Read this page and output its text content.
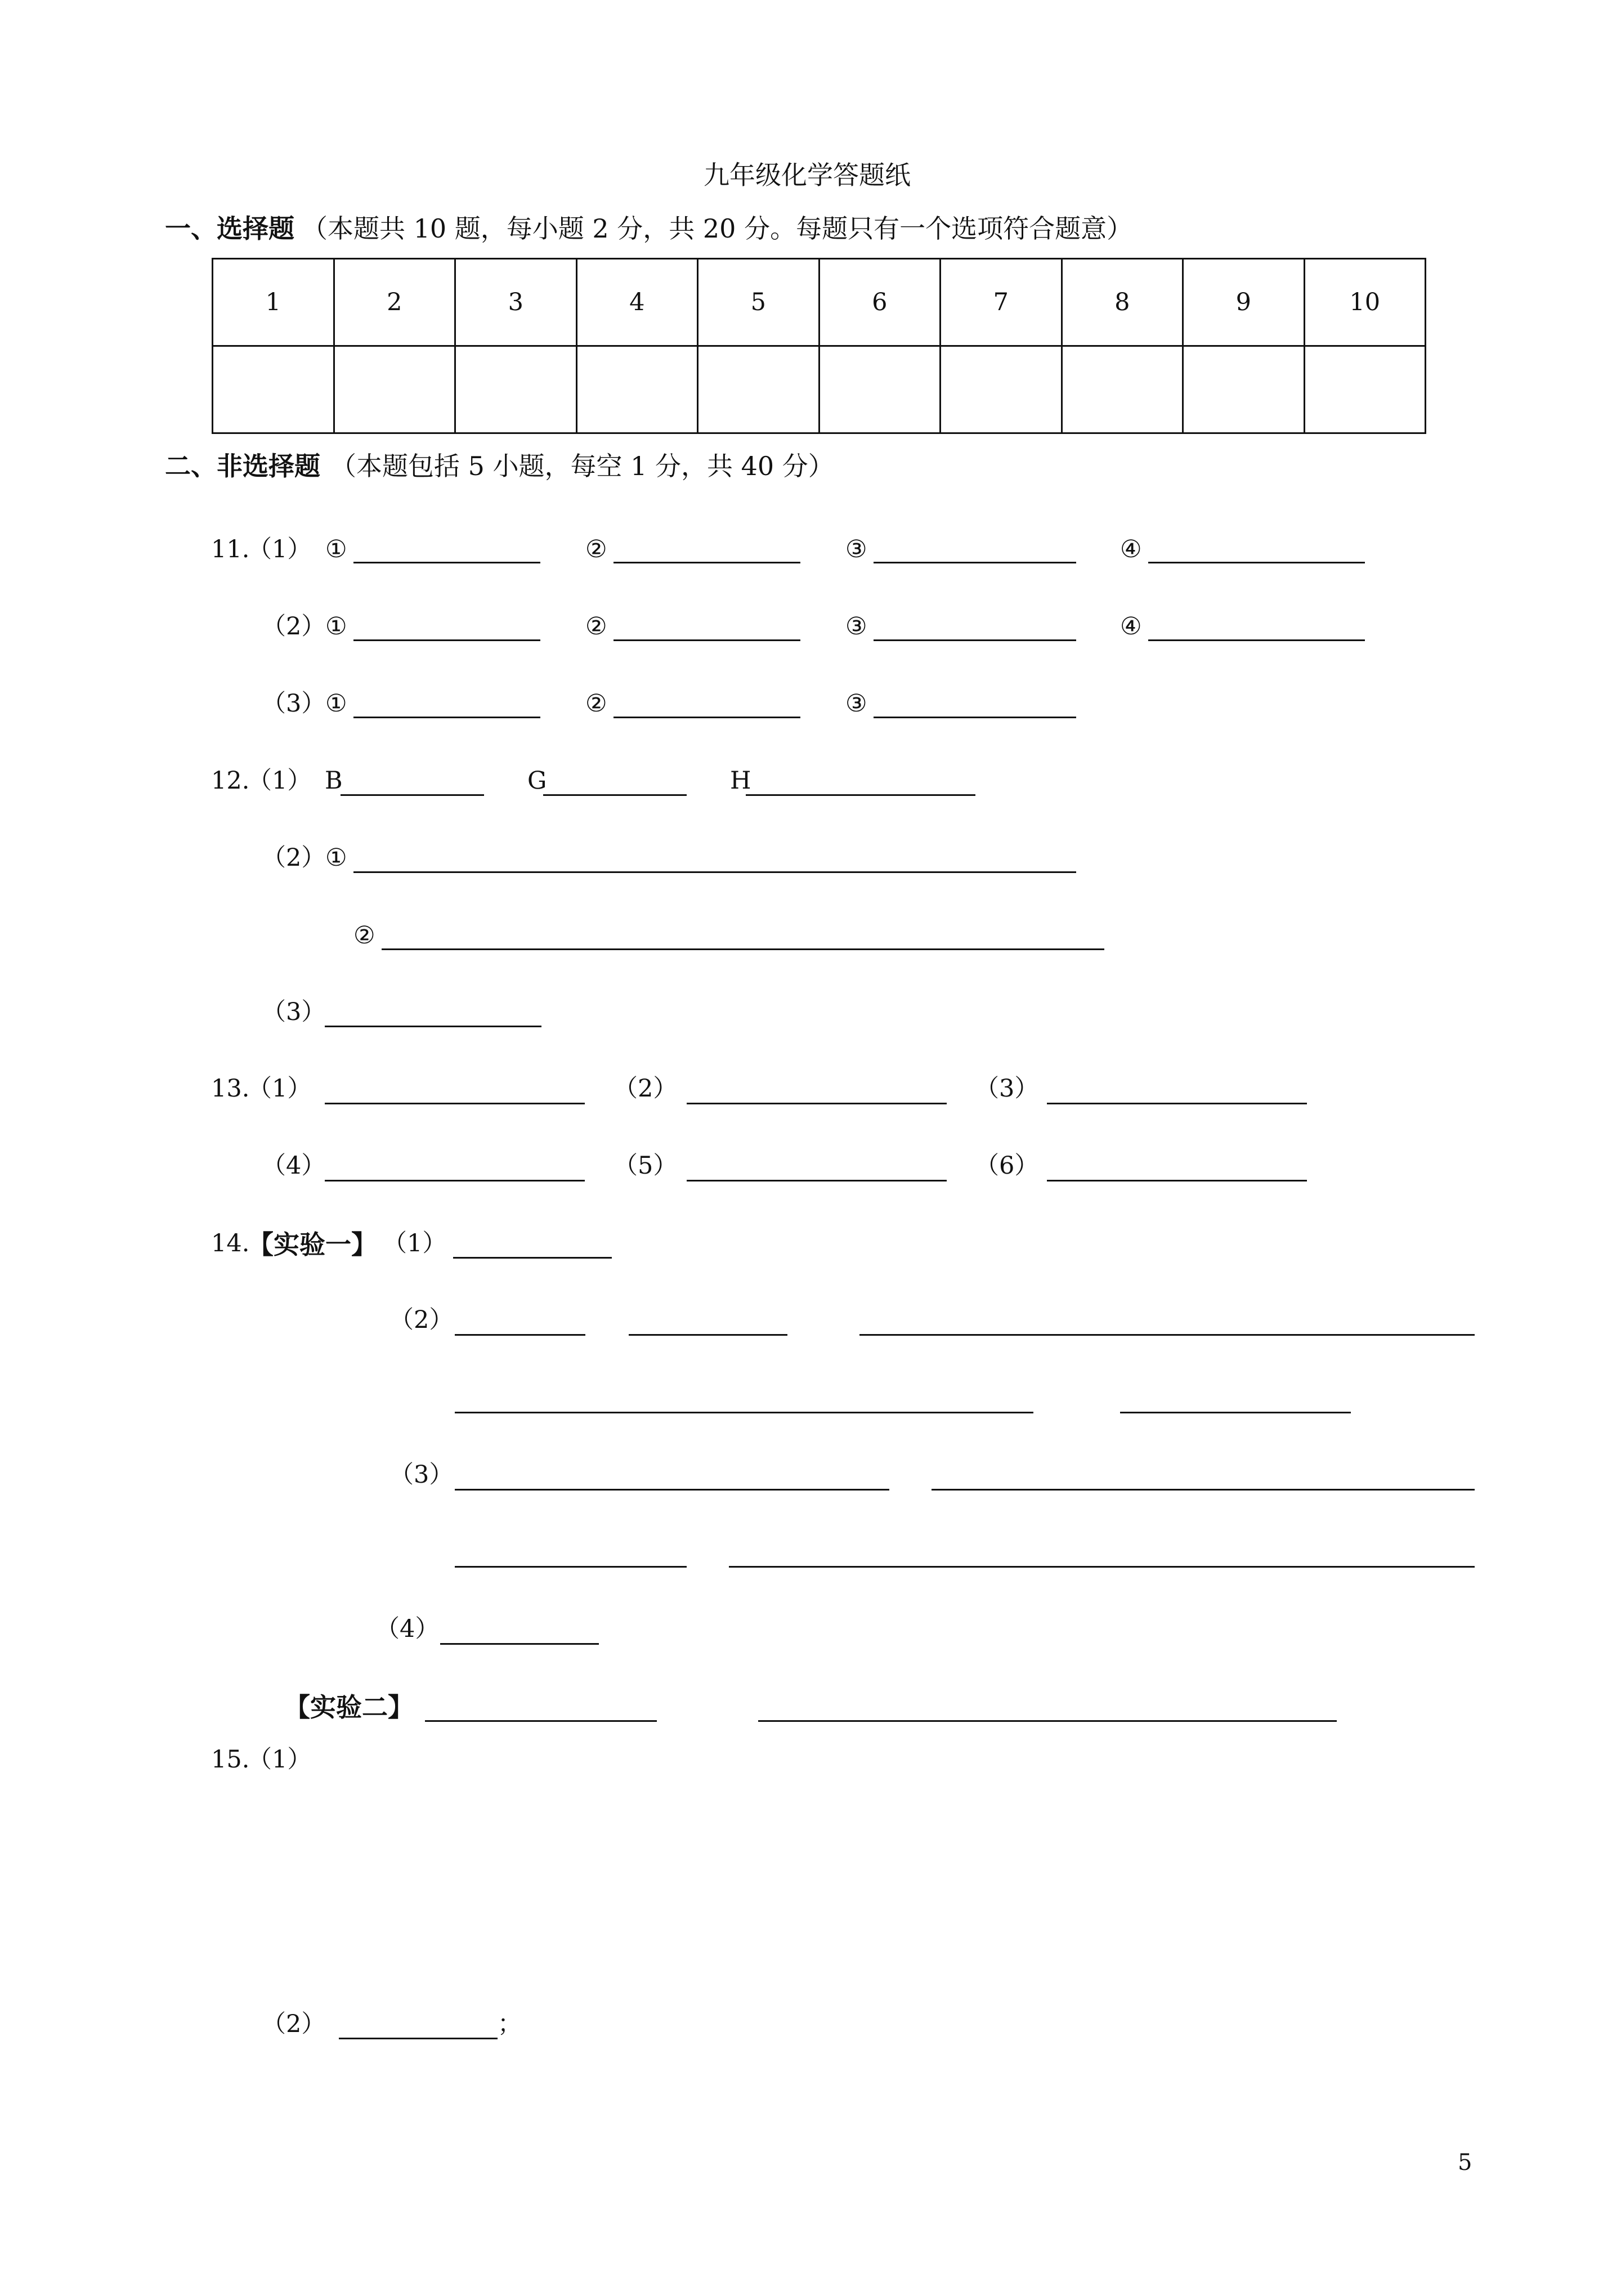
九年级化学答题纸
一、选择题 （本题共 10 题，每小题 2 分，共 20 分。每题只有一个选项符合题意）
1	2	3	4	5	6	7	8	9	10

二、非选择题 （本题包括 5 小题，每空 1 分，共 40 分）
11.
（1） ①	②	③	④
（2） ①	②	③	④
（3） ①	②	③
12.
（1） B	G	H
（2） ①
②
（3）
13.
（1）	（2）	（3）
（4）	（5）	（6）
14.
【实验一】 （1）
（2）
（3）
（4）
【实验二】
15.
（1）
（2）	；
5
